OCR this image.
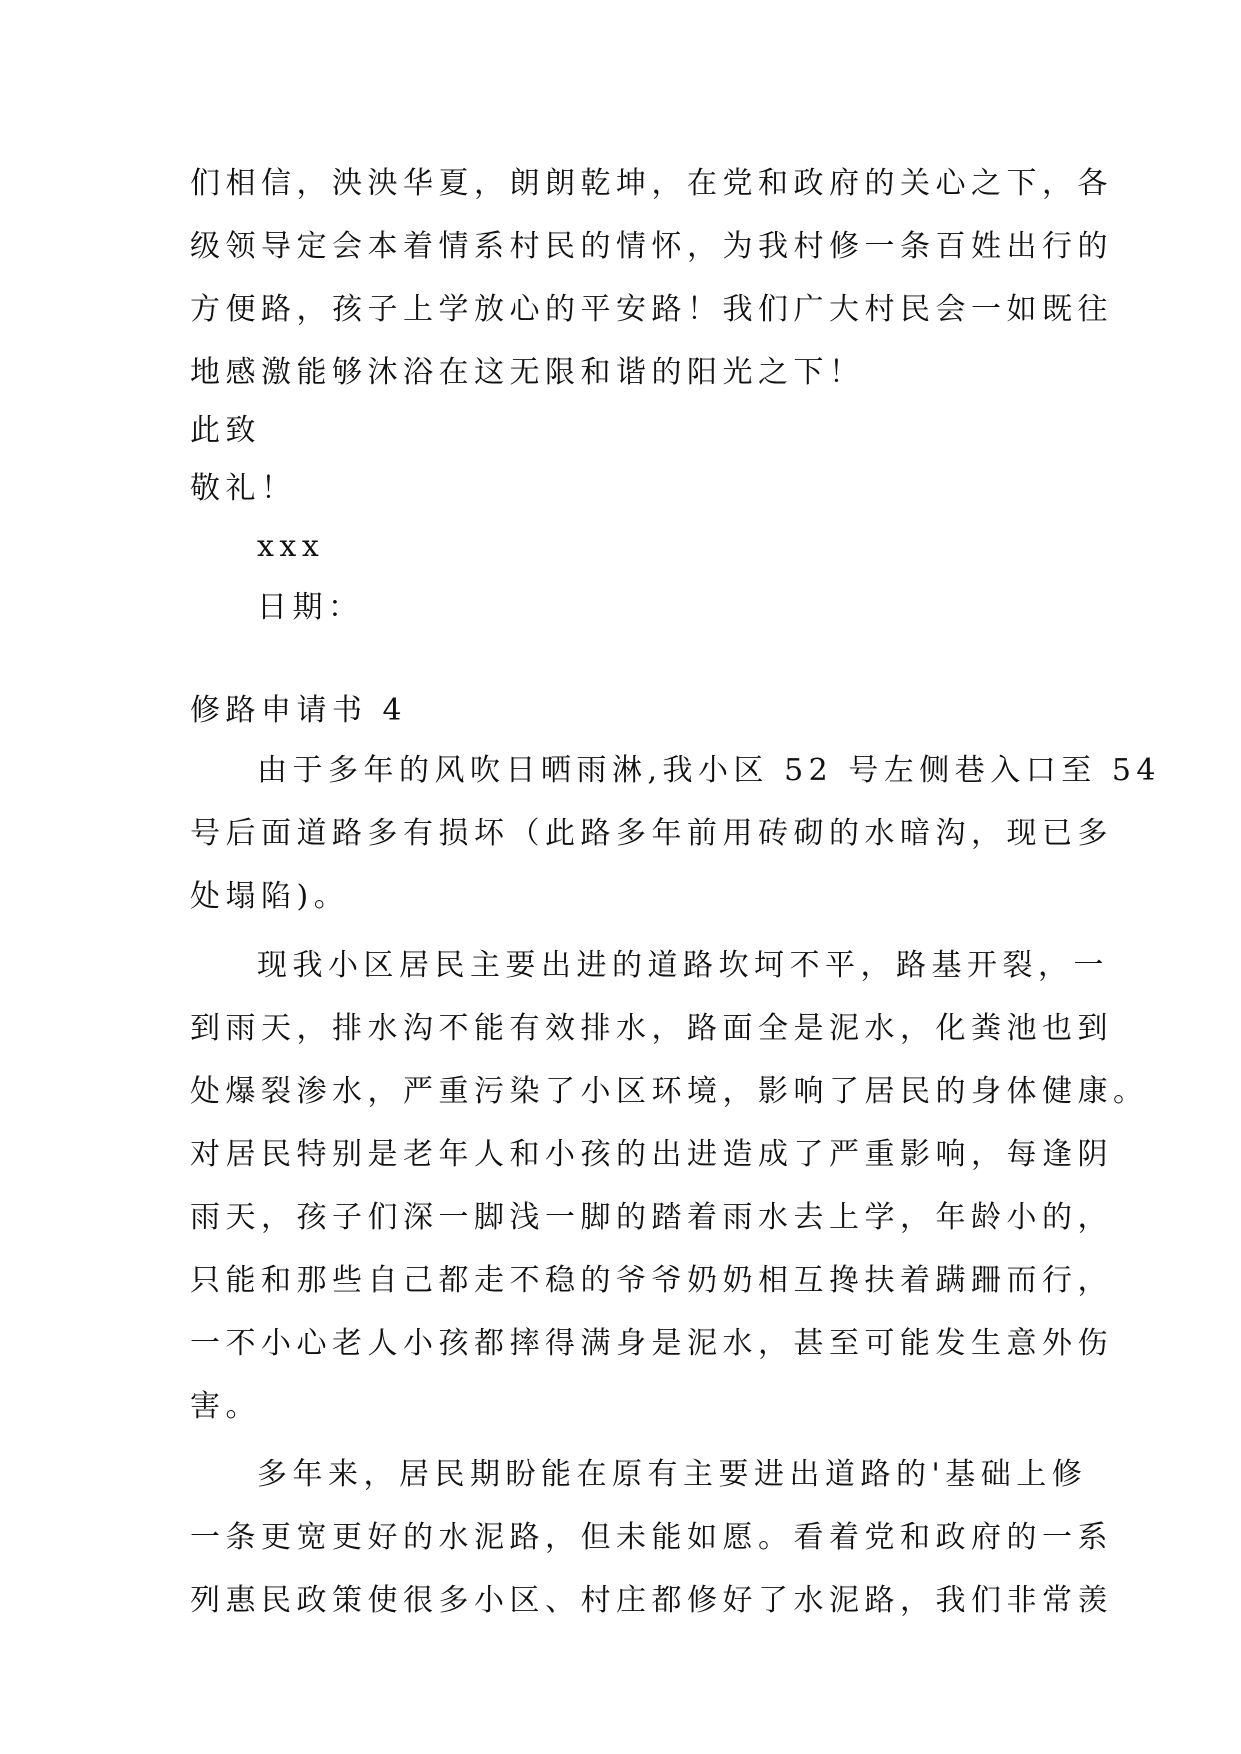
们相信，泱泱华夏，朗朗乾坤，在党和政府的关心之下，各
级领导定会本着情系村民的情怀，为我村修一条百姓出行的
方便路，孩子上学放心的平安路！我们广大村民会一如既往
地感激能够沐浴在这无限和谐的阳光之下！
此致
敬礼！
xxx
日期：
修路申请书 4
由于多年的风吹日晒雨淋,我小区 52 号左侧巷入口至 54
号后面道路多有损坏（此路多年前用砖砌的水暗沟，现已多
处塌陷)。
现我小区居民主要出进的道路坎坷不平，路基开裂，一
到雨天，排水沟不能有效排水，路面全是泥水，化粪池也到
处爆裂渗水，严重污染了小区环境，影响了居民的身体健康。
对居民特别是老年人和小孩的出进造成了严重影响，每逢阴
雨天，孩子们深一脚浅一脚的踏着雨水去上学，年龄小的，
只能和那些自己都走不稳的爷爷奶奶相互搀扶着蹒跚而行，
一不小心老人小孩都摔得满身是泥水，甚至可能发生意外伤
害。
多年来，居民期盼能在原有主要进出道路的'基础上修
一条更宽更好的水泥路，但未能如愿。看着党和政府的一系
列惠民政策使很多小区、村庄都修好了水泥路，我们非常羡
